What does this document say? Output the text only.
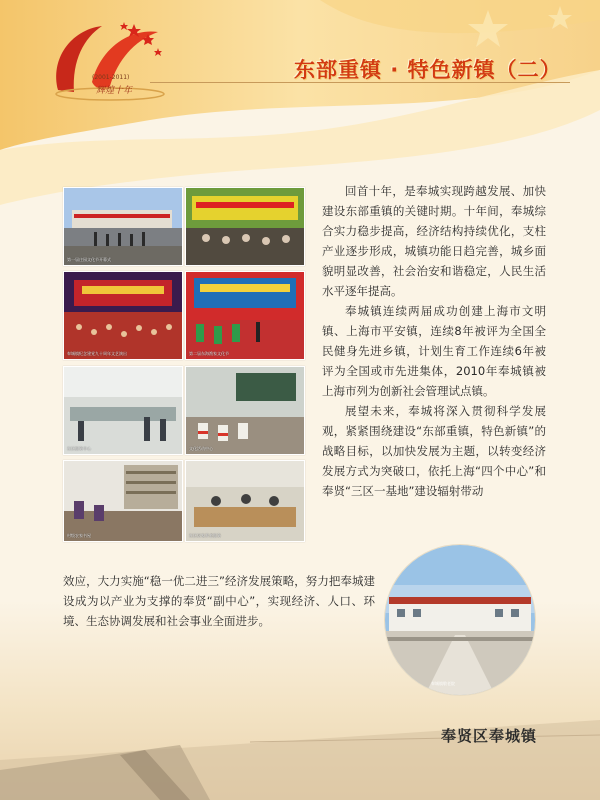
(2001-2011)
辉煌十年
东部重镇 · 特色新镇（二）
第一届庄园文化节开幕式
奉城镇纪念建党九十周年文艺演出	第二届东海渔家文化节
社区服务中心	文化活动中心
村级农家书屋	社区居家养老服务

回首十年，是奉城实现跨越发展、加快建设东部重镇的关键时期。十年间，奉城综合实力稳步提高，经济结构持续优化，支柱产业逐步形成，城镇功能日趋完善，城乡面貌明显改善，社会治安和谐稳定，人民生活水平逐年提高。

奉城镇连续两届成功创建上海市文明镇、上海市平安镇，连续8年被评为全国全民健身先进乡镇，计划生育工作连续6年被评为全国或市先进集体，2010年奉城镇被上海市列为创新社会管理试点镇。

展望未来，奉城将深入贯彻科学发展观，紧紧围绕建设“东部重镇，特色新镇”的战略目标，以加快发展为主题，以转变经济发展方式为突破口，依托上海“四个中心”和奉贤“三区一基地”建设辐射带动

效应，大力实施“稳一优二进三”经济发展策略，努力把奉城建设成为以产业为支撑的奉贤“副中心”，实现经济、人口、环境、生态协调发展和社会事业全面进步。

奉城镇敬老院
奉贤区奉城镇
